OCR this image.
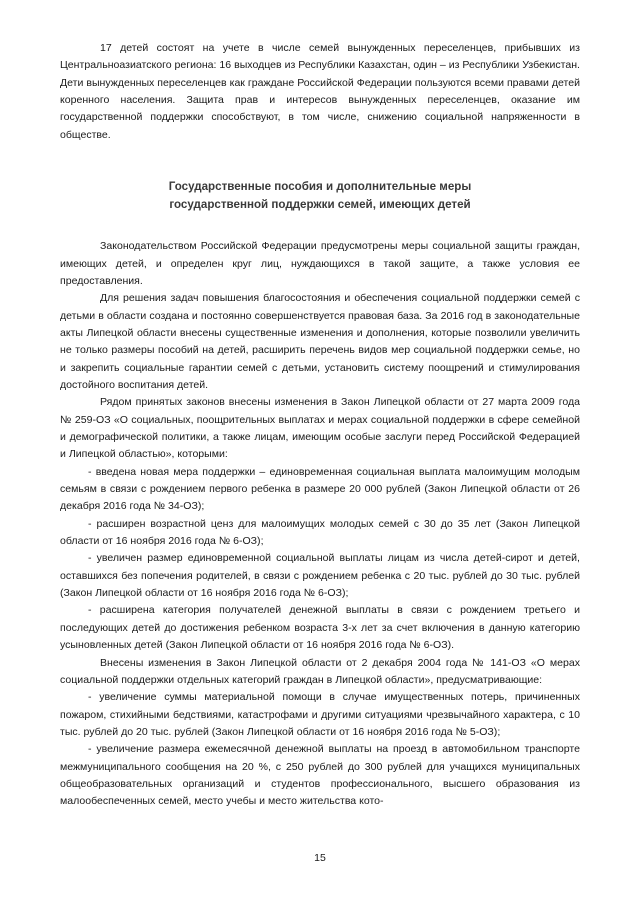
17 детей состоят на учете в числе семей вынужденных переселенцев, прибывших из Центральноазиатского региона: 16 выходцев из Республики Казахстан, один – из Республики Узбекистан. Дети вынужденных переселенцев как граждане Российской Федерации пользуются всеми правами детей коренного населения. Защита прав и интересов вынужденных переселенцев, оказание им государственной поддержки способствуют, в том числе, снижению социальной напряженности в обществе.

Государственные пособия и дополнительные меры
государственной поддержки семей, имеющих детей

Законодательством Российской Федерации предусмотрены меры социальной защиты граждан, имеющих детей, и определен круг лиц, нуждающихся в такой защите, а также условия ее предоставления.

Для решения задач повышения благосостояния и обеспечения социальной поддержки семей с детьми в области создана и постоянно совершенствуется правовая база. За 2016 год в законодательные акты Липецкой области внесены существенные изменения и дополнения, которые позволили увеличить не только размеры пособий на детей, расширить перечень видов мер социальной поддержки семье, но и закрепить социальные гарантии семей с детьми, установить систему поощрений и стимулирования достойного воспитания детей.

Рядом принятых законов внесены изменения в Закон Липецкой области от 27 марта 2009 года № 259-ОЗ «О социальных, поощрительных выплатах и мерах социальной поддержки в сфере семейной и демографической политики, а также лицам, имеющим особые заслуги перед Российской Федерацией и Липецкой областью», которыми:

- введена новая мера поддержки – единовременная социальная выплата малоимущим молодым семьям в связи с рождением первого ребенка в размере 20 000 рублей (Закон Липецкой области от 26 декабря 2016 года № 34-ОЗ);

- расширен возрастной ценз для малоимущих молодых семей с 30 до 35 лет (Закон Липецкой области от 16 ноября 2016 года № 6-ОЗ);

- увеличен размер единовременной социальной выплаты лицам из числа детей-сирот и детей, оставшихся без попечения родителей, в связи с рождением ребенка с 20 тыс. рублей до 30 тыс. рублей (Закон Липецкой области от 16 ноября 2016 года № 6-ОЗ);

- расширена категория получателей денежной выплаты в связи с рождением третьего и последующих детей до достижения ребенком возраста 3-х лет за счет включения в данную категорию усыновленных детей (Закон Липецкой области от 16 ноября 2016 года № 6-ОЗ).

Внесены изменения в Закон Липецкой области от 2 декабря 2004 года № 141-ОЗ «О мерах социальной поддержки отдельных категорий граждан в Липецкой области», предусматривающие:

- увеличение суммы материальной помощи в случае имущественных потерь, причиненных пожаром, стихийными бедствиями, катастрофами и другими ситуациями чрезвычайного характера, с 10 тыс. рублей до 20 тыс. рублей (Закон Липецкой области от 16 ноября 2016 года № 5-ОЗ);

- увеличение размера ежемесячной денежной выплаты на проезд в автомобильном транспорте межмуниципального сообщения на 20 %, с 250 рублей до 300 рублей для учащихся муниципальных общеобразовательных организаций и студентов профессионального, высшего образования из малообеспеченных семей, место учебы и место жительства кото-

15
